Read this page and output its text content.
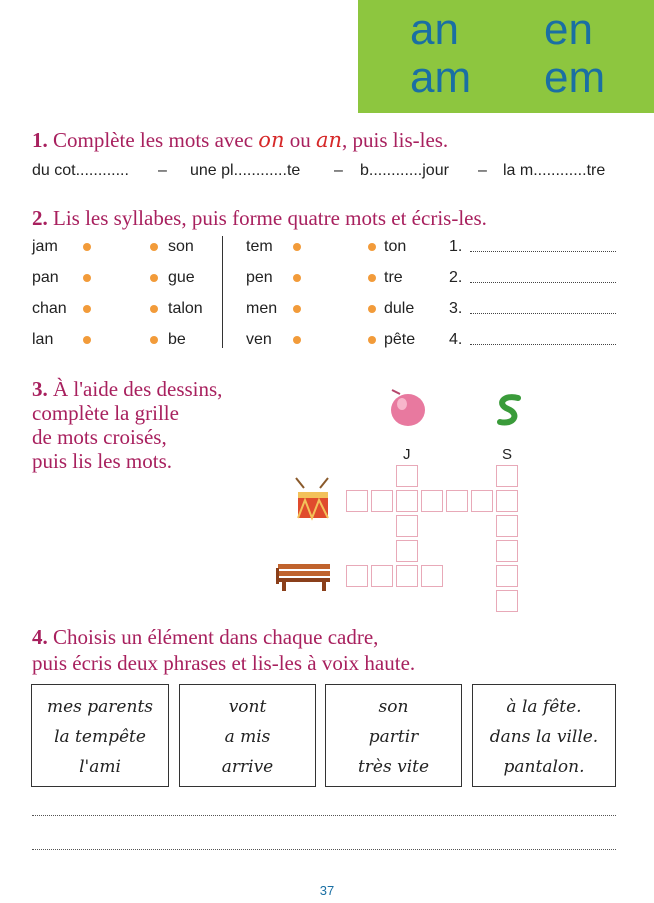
an en
am em
1. Complète les mots avec on ou an, puis lis-les.
du cot............ – une pl............te – b............jour – la m............tre
2. Lis les syllabes, puis forme quatre mots et écris-les.
jam
pan
chan
lan
son
gue
talon
be
tem
pen
men
ven
ton
tre
dule
pête
1.
2.
3.
4.
3. À l'aide des dessins,
complète la grille
de mots croisés,
puis lis les mots.	J	S
4. Choisis un élément dans chaque cadre,
puis écris deux phrases et lis-les à voix haute.
mes parents
la tempête
l'ami
vont
a mis
arrive
son
partir
très vite
à la fête.
dans la ville.
pantalon.
37
